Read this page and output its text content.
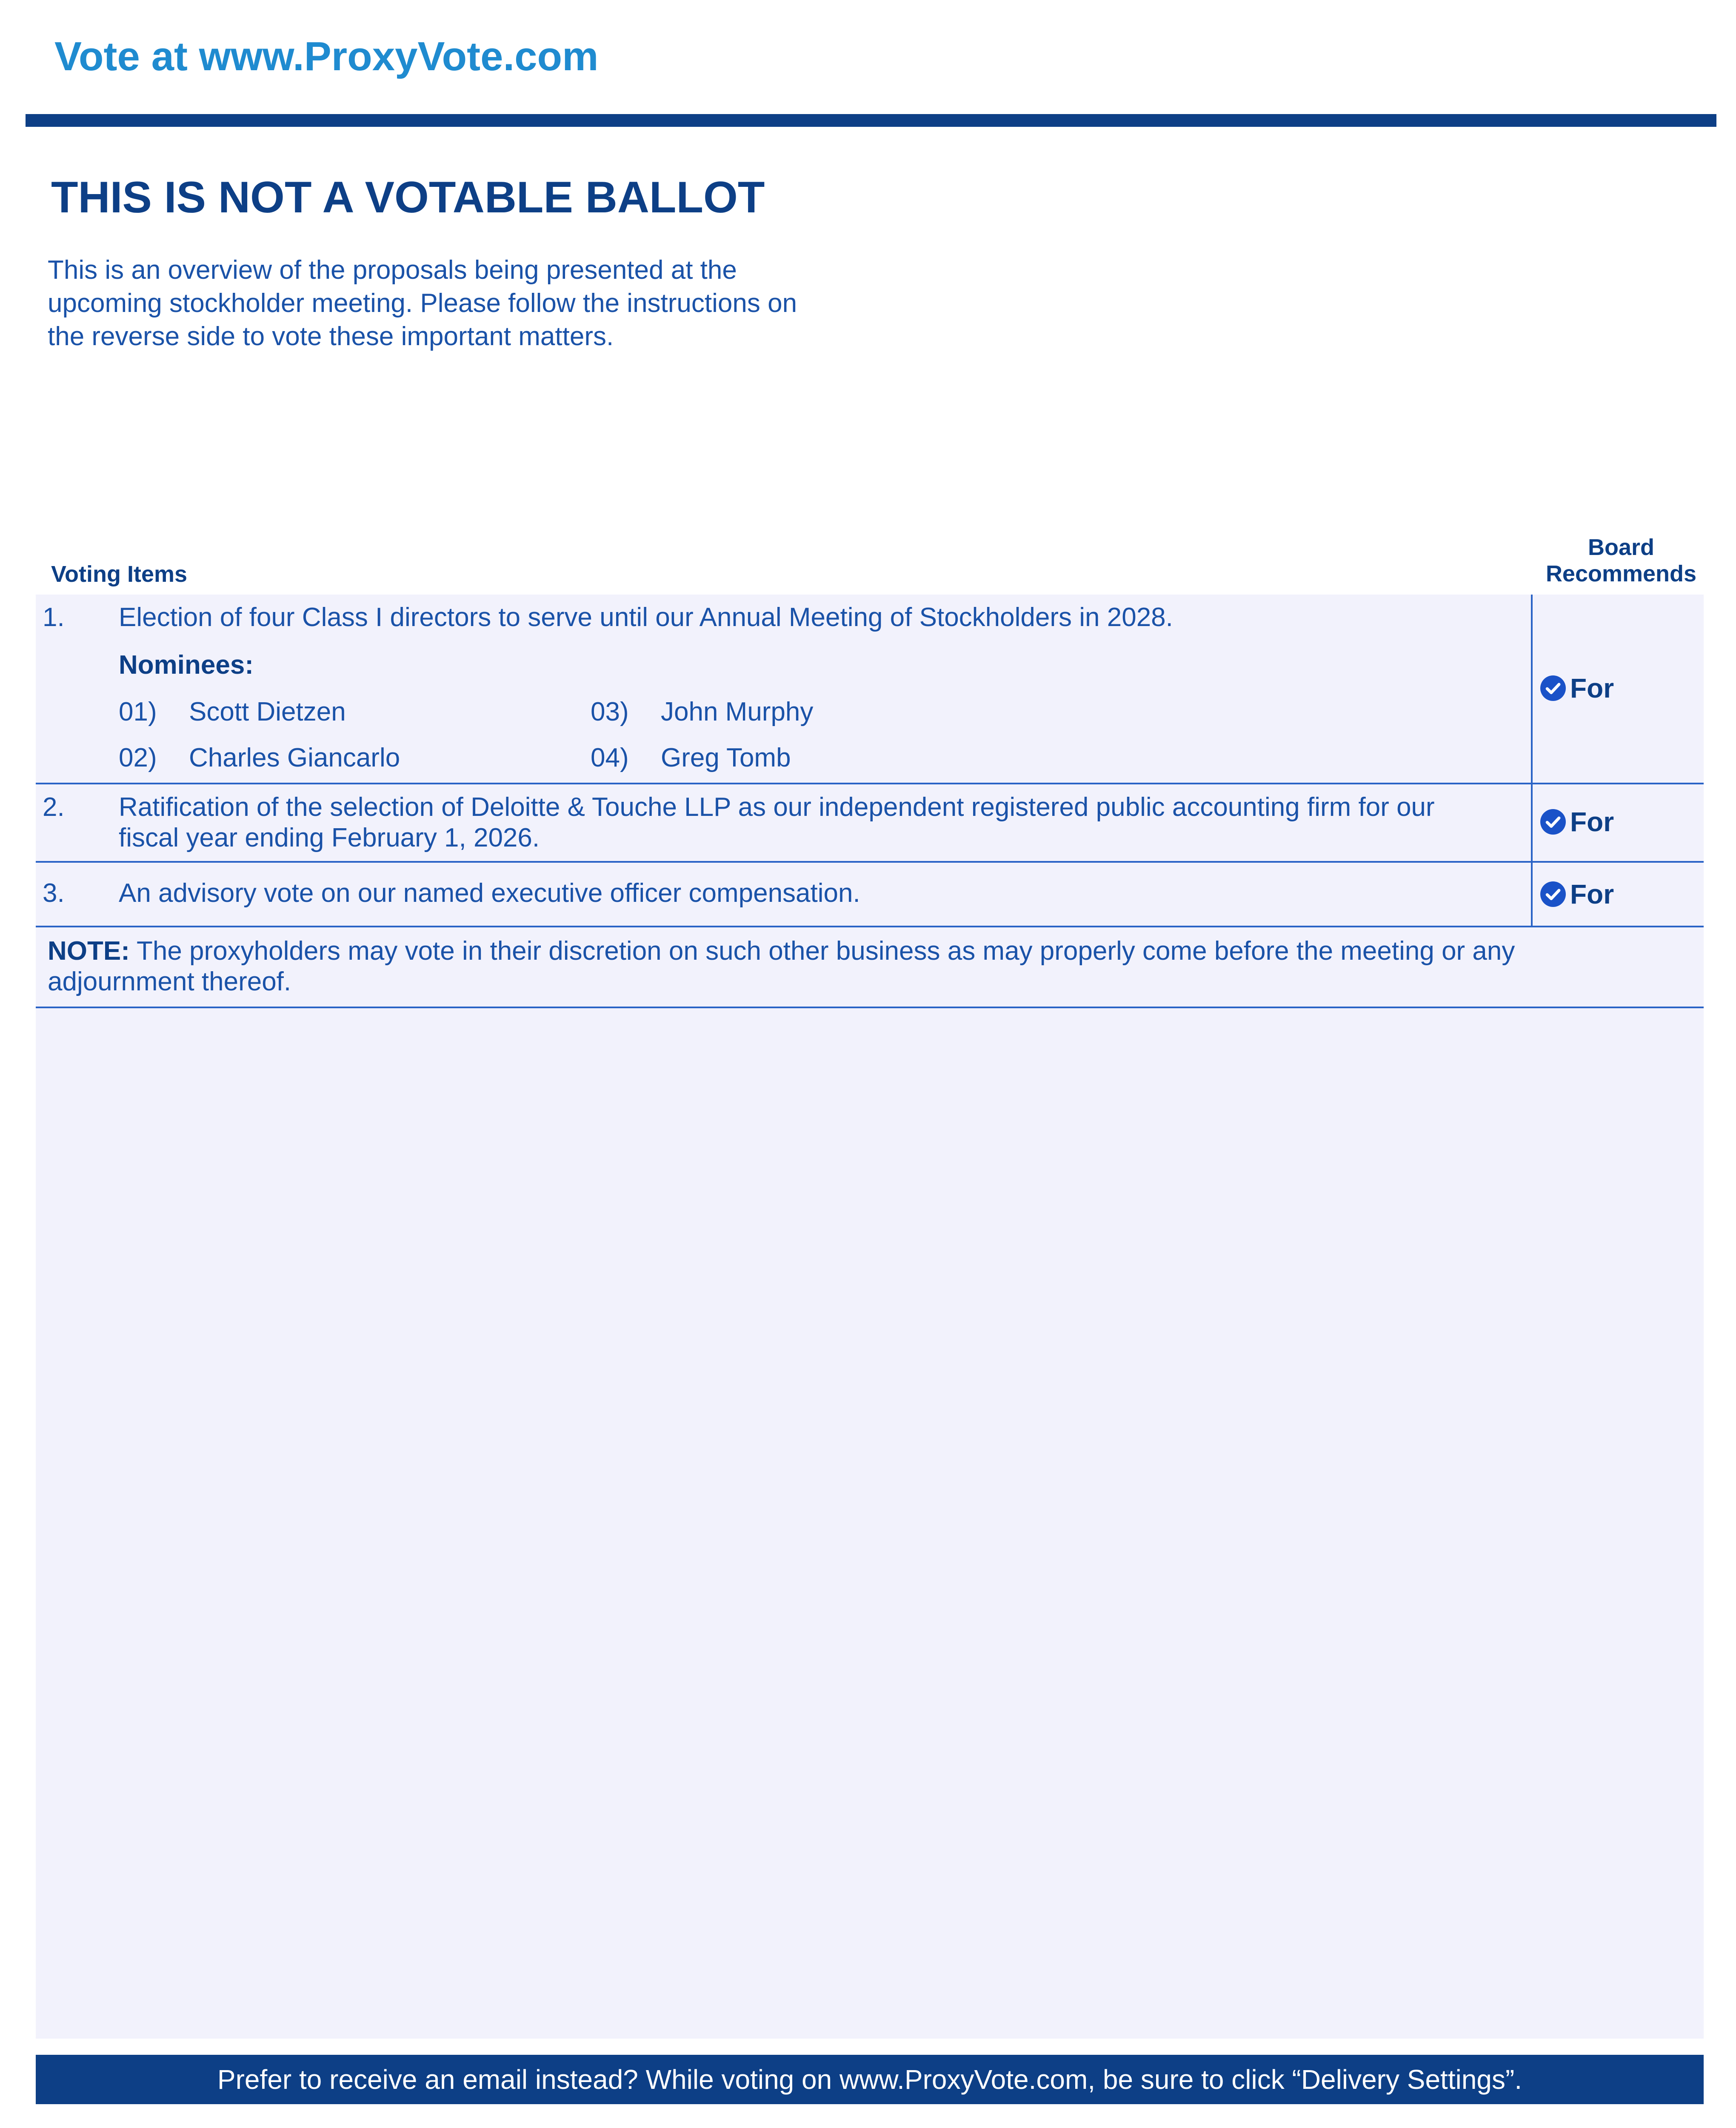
Vote at www.ProxyVote.com
THIS IS NOT A VOTABLE BALLOT
This is an overview of the proposals being presented at the
upcoming stockholder meeting. Please follow the instructions on
the reverse side to vote these important matters.
Voting Items
Board
Recommends
1. Election of four Class I directors to serve until our Annual Meeting of Stockholders in 2028.
Nominees:
01) Scott Dietzen
02) Charles Giancarlo
03) John Murphy
04) Greg Tomb
For
2. Ratification of the selection of Deloitte & Touche LLP as our independent registered public accounting firm for our
fiscal year ending February 1, 2026.
For
3. An advisory vote on our named executive officer compensation.	For
NOTE: The proxyholders may vote in their discretion on such other business as may properly come before the meeting or any
adjournment thereof.
Prefer to receive an email instead? While voting on www.ProxyVote.com, be sure to click “Delivery Settings”.
